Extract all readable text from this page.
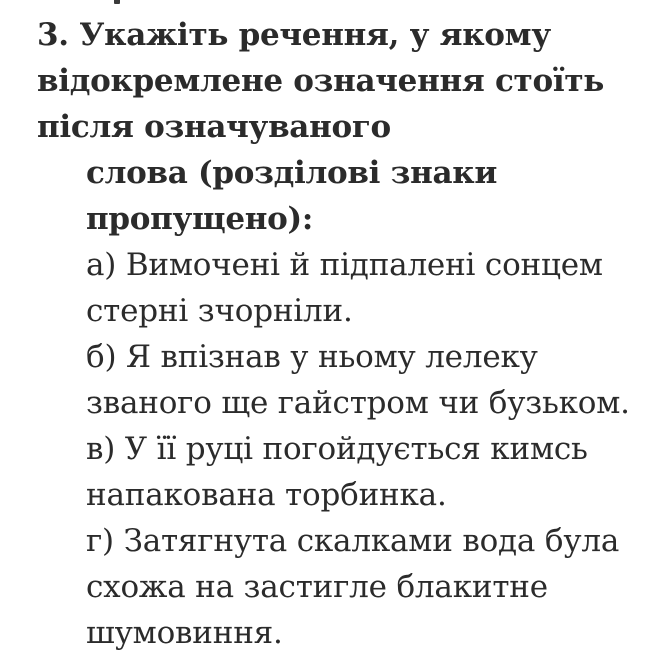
3. Укажіть речення, у якому
відокремлене означення стоїть
після означуваного
слова (розділові знаки
пропущено):
а) Вимочені й підпалені сонцем
стерні зчорніли.
б) Я впізнав у ньому лелеку
званого ще гайстром чи бузьком.
в) У її руці погойдується кимсь
напакована торбинка.
г) Затягнута скалками вода була
схожа на застигле блакитне
шумовиння.
